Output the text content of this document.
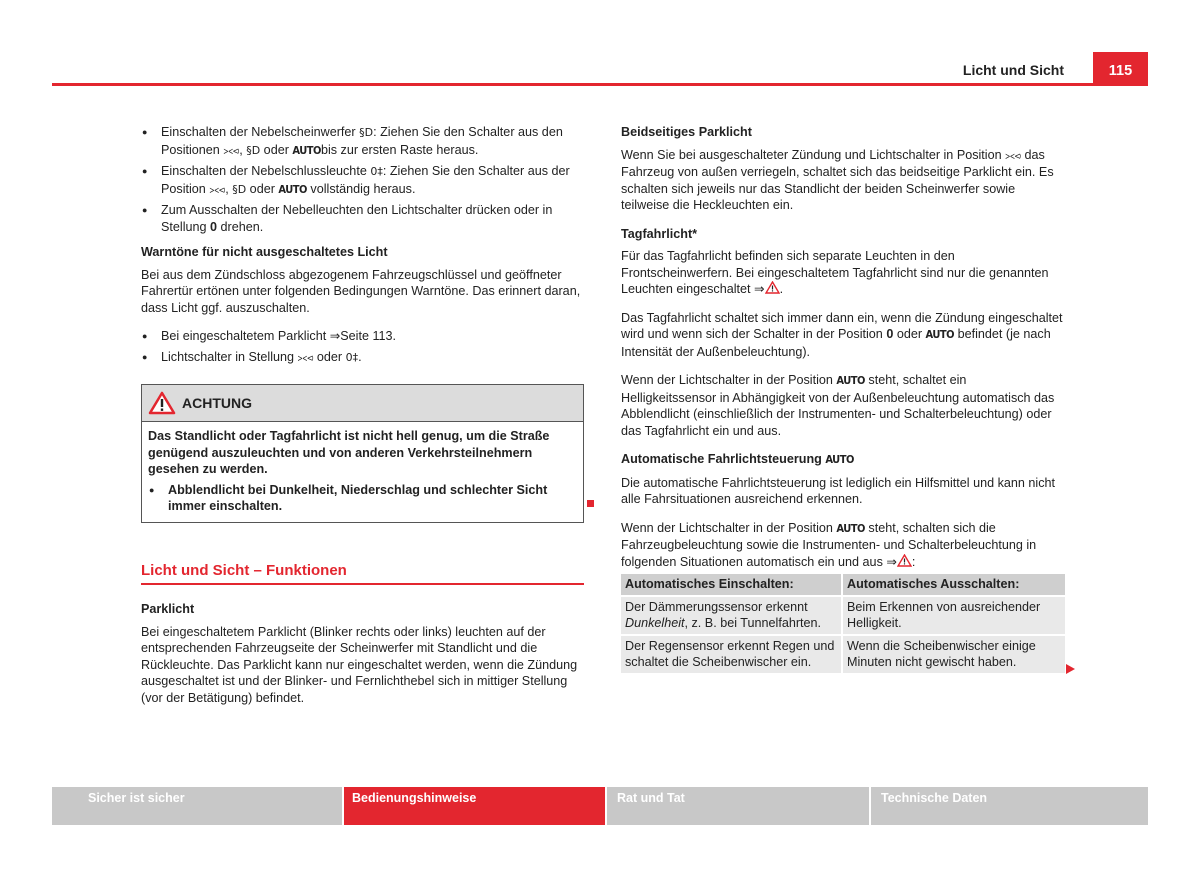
Licht und Sicht	115
● Einschalten der Nebelscheinwerfer §D: Ziehen Sie den Schalter aus den Positionen ⪥⪦, §D oder AUTObis zur ersten Raste heraus.
● Einschalten der Nebelschlussleuchte 0‡: Ziehen Sie den Schalter aus der Position ⪥⪦, §D oder AUTO vollständig heraus.
● Zum Ausschalten der Nebelleuchten den Lichtschalter drücken oder in Stellung 0 drehen.

Warntöne für nicht ausgeschaltetes Licht

Bei aus dem Zündschloss abgezogenem Fahrzeugschlüssel und geöffneter Fahrertür ertönen unter folgenden Bedingungen Warntöne. Das erinnert daran, dass Licht ggf. auszuschalten.

● Bei eingeschaltetem Parklicht ⇒Seite 113.
● Lichtschalter in Stellung ⪥⪦ oder 0‡.
ACHTUNG

Das Standlicht oder Tagfahrlicht ist nicht hell genug, um die Straße genügend auszuleuchten und von anderen Verkehrsteilnehmern gesehen zu werden.

● Abblendlicht bei Dunkelheit, Niederschlag und schlechter Sicht immer einschalten.
Licht und Sicht – Funktionen

Parklicht

Bei eingeschaltetem Parklicht (Blinker rechts oder links) leuchten auf der entsprechenden Fahrzeugseite der Scheinwerfer mit Standlicht und die Rückleuchte. Das Parklicht kann nur eingeschaltet werden, wenn die Zündung ausgeschaltet ist und der Blinker- und Fernlichthebel sich in mittiger Stellung (vor der Betätigung) befindet.

Beidseitiges Parklicht

Wenn Sie bei ausgeschalteter Zündung und Lichtschalter in Position ⪥⪦ das Fahrzeug von außen verriegeln, schaltet sich das beidseitige Parklicht ein. Es schalten sich jeweils nur das Standlicht der beiden Scheinwerfer sowie teilweise die Heckleuchten ein.

Tagfahrlicht*

Für das Tagfahrlicht befinden sich separate Leuchten in den Frontscheinwerfern. Bei eingeschaltetem Tagfahrlicht sind nur die genannten Leuchten eingeschaltet ⇒ .

Das Tagfahrlicht schaltet sich immer dann ein, wenn die Zündung eingeschaltet wird und wenn sich der Schalter in der Position 0 oder AUTO befindet (je nach Intensität der Außenbeleuchtung).

Wenn der Lichtschalter in der Position AUTO steht, schaltet ein Helligkeitssensor in Abhängigkeit von der Außenbeleuchtung automatisch das Abblendlicht (einschließlich der Instrumenten- und Schalterbeleuchtung) oder das Tagfahrlicht ein und aus.

Automatische Fahrlichtsteuerung AUTO

Die automatische Fahrlichtsteuerung ist lediglich ein Hilfsmittel und kann nicht alle Fahrsituationen ausreichend erkennen.

Wenn der Lichtschalter in der Position AUTO steht, schalten sich die Fahrzeugbeleuchtung sowie die Instrumenten- und Schalterbeleuchtung in folgenden Situationen automatisch ein und aus ⇒ :

Automatisches Einschalten:	Automatisches Ausschalten:
Der Dämmerungssensor erkennt Dunkelheit, z. B. bei Tunnelfahrten.	Beim Erkennen von ausreichender Helligkeit.
Der Regensensor erkennt Regen und schaltet die Scheibenwischer ein.	Wenn die Scheibenwischer einige Minuten nicht gewischt haben.
Sicher ist sicher	Bedienungshinweise	Rat und Tat	Technische Daten
